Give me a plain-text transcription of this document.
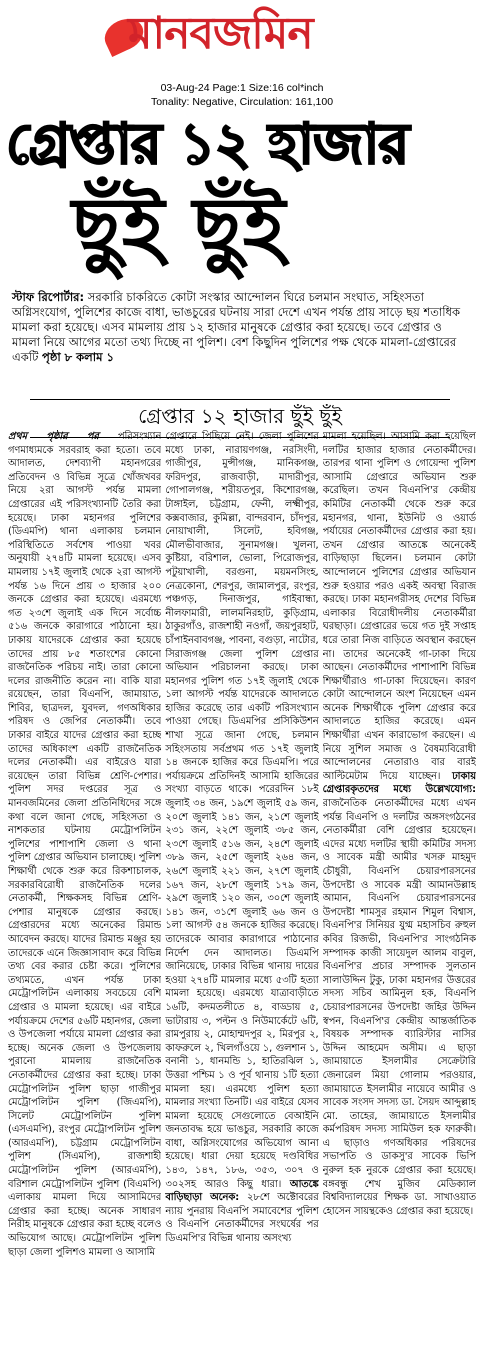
মানবজমিন
03-Aug-24 Page:1 Size:16 col*inch
Tonality: Negative, Circulation: 161,100
গ্রেপ্তার ১২ হাজার
ছুঁই ছুঁই
স্টাফ রিপোর্টার: সরকারি চাকরিতে কোটা সংস্কার আন্দোলন ঘিরে চলমান সংঘাত, সহিংসতা অগ্নিসংযোগ, পুলিশের কাজে বাধা, ভাঙচুরের ঘটনায় সারা দেশে এখন পর্যন্ত প্রায় সাড়ে ছয় শতাধিক মামলা করা হয়েছে। এসব মামলায় প্রায় ১২ হাজার মানুষকে গ্রেপ্তার করা হয়েছে। তবে গ্রেপ্তার ও মামলা নিয়ে আগের মতো তথ্য দিচ্ছে না পুলিশ। বেশ কিছুদিন পুলিশের পক্ষ থেকে মামলা-গ্রেপ্তারের একটি পৃষ্ঠা ৮ কলাম ১
গ্রেপ্তার ১২ হাজার ছুঁই ছুঁই
প্রথম পৃষ্ঠার পর পরিসংখ্যান গণমাধ্যমকে সরবরাহ করা হতো। তবে আদালত, দেশব্যাপী মহানগরের প্রতিবেদন ও বিভিন্ন সূত্রে খোঁজখবর নিয়ে ২রা আগস্ট পর্যন্ত মামলা গ্রেপ্তারের এই পরিসংখ্যানটি তৈরি করা হয়েছে। ঢাকা মহানগর পুলিশের (ডিএমপি) থানা এলাকায় চলমান পরিস্থিতিতে সর্বশেষ পাওয়া খবর অনুযায়ী ২৭৪টি মামলা হয়েছে। এসব মামলায় ১৭ই জুলাই থেকে ২রা আগস্ট পর্যন্ত ১৬ দিনে প্রায় ৩ হাজার ২০০ জনকে গ্রেপ্তার করা হয়েছে। এরমধ্যে গত ২৩শে জুলাই এক দিনে সর্বোচ্চ ৫১৬ জনকে কারাগারে পাঠানো হয়। ঢাকায় যাদেরকে গ্রেপ্তার করা হয়েছে তাদের প্রায় ৮৫ শতাংশের কোনো রাজনৈতিক পরিচয় নাই। তারা কোনো দলের রাজনীতি করেন না। বাকি যারা রয়েছেন, তারা বিএনপি, জামায়াত, শিবির, ছাত্রদল, যুবদল, গণঅধিকার পরিষদ ও জেপির নেতাকর্মী। তবে ঢাকার বাইরে যাদের গ্রেপ্তার করা হচ্ছে তাদের অধিকাংশ একটি রাজনৈতিক দলের নেতাকর্মী। এর বাইরেও যারা রয়েছেন তারা বিভিন্ন শ্রেণি-পেশার। পুলিশ সদর দপ্তরের সূত্র ও মানবজমিনের জেলা প্রতিনিধিদের সঙ্গে কথা বলে জানা গেছে, সহিংসতা ও নাশকতার ঘটনায় মেট্রোপলিটন পুলিশের পাশাপাশি জেলা ও থানা পুলিশ গ্রেপ্তার অভিযান চালাচ্ছে। পুলিশ শিক্ষার্থী থেকে শুরু করে রিকশাচালক, সরকারবিরোধী রাজনৈতিক দলের নেতাকর্মী, শিক্ষকসহ বিভিন্ন শ্রেণি-পেশার মানুষকে গ্রেপ্তার করছে। গ্রেপ্তারদের মধ্যে অনেকের রিমান্ড আবেদন করছে। যাদের রিমান্ড মঞ্জুর হয় তাদেরকে এনে জিজ্ঞাসাবাদ করে বিভিন্ন তথ্য বের করার চেষ্টা করে। পুলিশের তথ্যমতে, এখন পর্যন্ত ঢাকা মেট্রোপলিটন এলাকায় সবচেয়ে বেশি গ্রেপ্তার ও মামলা হয়েছে। এর বাইরে পর্যায়ক্রমে দেশের ৫৬টি মহানগর, জেলা ও উপজেলা পর্যায়ে মামলা গ্রেপ্তার করা হচ্ছে। অনেক জেলা ও উপজেলায় পুরানো মামলায় রাজনৈতিক নেতাকর্মীদের গ্রেপ্তার করা হচ্ছে। ঢাকা মেট্রোপলিটন পুলিশ ছাড়া গাজীপুর মেট্রোপলিটন পুলিশ (জিএমপি), সিলেট মেট্রোপলিটন পুলিশ (এসএমপি), রংপুর মেট্রোপলিটন পুলিশ (আরএমপি), চট্টগ্রাম মেট্রোপলিটন পুলিশ (সিএমপি), রাজশাহী মেট্রোপলিটন পুলিশ (আরএমপি), বরিশাল মেট্রোপলিটন পুলিশ (বিএমপি) এলাকায় মামলা দিয়ে আসামিদের গ্রেপ্তার করা হচ্ছে। অনেক সাধারণ নিরীহ মানুষকে গ্রেপ্তার করা হচ্ছে বলেও অভিযোগ আছে। মেট্রোপলিটন পুলিশ ছাড়া জেলা পুলিশও মামলা ও আসামি
গ্রেপ্তারে পিছিয়ে নেই। জেলা পুলিশের মধ্যে ঢাকা, নারায়ণগঞ্জ, নরসিংদী, গাজীপুর, মুন্সীগঞ্জ, মানিকগঞ্জ, ফরিদপুর, রাজবাড়ী, মাদারীপুর, গোপালগঞ্জ, শরীয়তপুর, কিশোরগঞ্জ, টাঙ্গাইল, চট্টগ্রাম, ফেনী, লক্ষ্মীপুর, কক্সবাজার, কুমিল্লা, বান্দরবান, চাঁদপুর, নোয়াখালী, সিলেট, হবিগঞ্জ, মৌলভীবাজার, সুনামগঞ্জ। খুলনা, কুষ্টিয়া, বরিশাল, ভোলা, পিরোজপুর, পটুয়াখালী, বরগুনা, ময়মনসিংহ, নেত্রকোনা, শেরপুর, জামালপুর, রংপুর, পঞ্চগড়, দিনাজপুর, গাইবান্ধা, নীলফামারী, লালমনিরহাট, কুড়িগ্রাম, ঠাকুরগাঁও, রাজশাহী নওগাঁ, জয়পুরহাট, চাঁপাইনবাবগঞ্জ, পাবনা, বগুড়া, নাটোর, সিরাজগঞ্জ জেলা পুলিশ গ্রেপ্তার অভিযান পরিচালনা করছে। ঢাকা মহানগর পুলিশ গত ১৭ই জুলাই থেকে ১লা আগস্ট পর্যন্ত যাদেরকে আদালতে হাজির করেছে তার একটি পরিসংখ্যান পাওয়া গেছে। ডিএমপির প্রসিকিউশন শাখা সূত্রে জানা গেছে, চলমান সহিংসতায় সর্বপ্রথম গত ১৭ই জুলাই ১৪ জনকে হাজির করে ডিএমপি। পরে পর্যায়ক্রমে প্রতিদিনই আসামি হাজিরের সংখ্যা বাড়তে থাকে। পরেরদিন ১৮ই জুলাই ৩৪ জন, ১৯শে জুলাই ৫৯ জন, ২০শে জুলাই ১৪১ জন, ২১শে জুলাই ২৩১ জন, ২২শে জুলাই ৩৮৫ জন, ২৩শে জুলাই ৫১৬ জন, ২৪শে জুলাই ৩৮৯ জন, ২৫শে জুলাই ২৬৪ জন, ২৬শে জুলাই ২২১ জন, ২৭শে জুলাই ১৬৭ জন, ২৮শে জুলাই ১৭৯ জন, ২৯শে জুলাই ১২০ জন, ৩০শে জুলাই ১৪১ জন, ৩১শে জুলাই ৬৬ জন ও ১লা আগস্ট ৫৪ জনকে হাজির করেছে। তাদেরকে আবার কারাগারে পাঠানোর নির্দেশ দেন আদালত। ডিএমপি জানিয়েছে, ঢাকার বিভিন্ন থানায় দায়ের হওয়া ২৭৪টি মামলার মধ্যে ৫৩টি হত্যা মামলা হয়েছে। এরমধ্যে যাত্রাবাড়ীতে ১৬টি, কদমতলীতে ৪, বাড্ডায় ৫, ভাটারায় ৩, পল্টন ও নিউমার্কেটে ৬টি, রামপুরায় ২, মোহাম্মদপুর ২, মিরপুর ২, কাফরুলে ২, খিলগাঁওয়ে ১, গুলশান ১, বনানী ১, ধানমন্ডি ১, হাতিরঝিল ১, উত্তরা পশ্চিম ১ ও পূর্ব থানায় ১টি হত্যা মামলা হয়। এরমধ্যে পুলিশ হত্যা মামলার সংখ্যা তিনটি। এর বাইরে যেসব মামলা হয়েছে সেগুলোতে বেআইনি জনতাবদ্ধ হয়ে ভাঙচুর, সরকারি কাজে বাধা, অগ্নিসংযোগের অভিযোগ আনা হয়েছে। ধারা দেয়া হয়েছে দণ্ডবিধির ১৪৩, ১৪৭, ১৮৬, ৩৫৩, ৩০৭ ও ৩০২সহ আরও কিছু ধারা। আতঙ্কে বাড়িছাড়া অনেক: ২৮শে অক্টোবরের ন্যায় পুনরায় বিএনপি সমাবেশের পুলিশ ও বিএনপি নেতাকর্মীদের সংঘর্ষের পর ডিএমপি'র বিভিন্ন থানায় অসংখ্য
মামলা হয়েছিল। আসামি করা হয়েছিল দলটির হাজার হাজার নেতাকর্মীদের। তারপর থানা পুলিশ ও গোয়েন্দা পুলিশ আসামি গ্রেপ্তারে অভিযান শুরু করেছিল। তখন বিএনপি'র কেন্দ্রীয় কমিটির নেতাকর্মী থেকে শুরু করে মহানগর, থানা, ইউনিট ও ওয়ার্ড পর্যায়ের নেতাকর্মীদের গ্রেপ্তার করা হয়। তখন গ্রেপ্তার আতঙ্কে অনেকেই বাড়িছাড়া ছিলেন। চলমান কোটা আন্দোলনে পুলিশের গ্রেপ্তার অভিযান শুরু হওয়ার পরও একই অবস্থা বিরাজ করছে। ঢাকা মহানগরীসহ দেশের বিভিন্ন এলাকার বিরোধীদলীয় নেতাকর্মীরা ঘরছাড়া। গ্রেপ্তারের ভয়ে গত দুই সপ্তাহ ধরে তারা নিজ বাড়িতে অবস্থান করছেন না। তাদের অনেকেই গা-ঢাকা দিয়ে আছেন। নেতাকর্মীদের পাশাপাশি বিভিন্ন শিক্ষার্থীরাও গা-ঢাকা দিয়েছেন। কারণ কোটা আন্দোলনে অংশ নিয়েছেন এমন অনেক শিক্ষার্থীকে পুলিশ গ্রেপ্তার করে আদালতে হাজির করেছে। এমন শিক্ষার্থীরা এখন কারাভোগ করছেন। এ নিয়ে সুশিল সমাজ ও বৈষম্যবিরোধী আন্দোলনের নেতারাও বার বারই আল্টিমেটাম দিয়ে যাচ্ছেন। ঢাকায় গ্রেপ্তারকৃতদের মধ্যে উল্লেখযোগ্য: রাজনৈতিক নেতাকর্মীদের মধ্যে এখন পর্যন্ত বিএনপি ও দলটির অঙ্গসংগঠনের নেতাকর্মীরা বেশি গ্রেপ্তার হয়েছেন। এদের মধ্যে দলটির স্থায়ী কমিটির সদস্য ও সাবেক মন্ত্রী আমীর খসরু মাহমুদ চৌধুরী, বিএনপি চেয়ারপারসনের উপদেষ্টা ও সাবেক মন্ত্রী আমানউল্লাহ আমান, বিএনপি চেয়ারপারসনের উপদেষ্টা শামসুর রহমান শিমুল বিশ্বাস, বিএনপি'র সিনিয়র যুগ্ম মহাসচিব রুহুল কবির রিজভী, বিএনপি'র সাংগঠনিক সম্পাদক কাজী সায়েদুল আলম বাবুল, বিএনপি'র প্রচার সম্পাদক সুলতান সালাউদ্দিন টুকু, ঢাকা মহানগর উত্তরের সদস্য সচিব আমিনুল হক, বিএনপি চেয়ারপারসনের উপদেষ্টা জহির উদ্দিন স্বপন, বিএনপি'র কেন্দ্রীয় আন্তর্জাতিক বিষয়ক সম্পাদক ব্যারিস্টার নাসির উদ্দিন আহমেদ অসীম। এ ছাড়া জামায়াতে ইসলামীর সেক্রেটারি জেনারেল মিয়া গোলাম পরওয়ার, জামায়াতে ইসলামীর নায়েবে আমীর ও সাবেক সংসদ সদস্য ডা. সৈয়দ আব্দুল্লাহ মো. তাহের, জামায়াতে ইসলামীর কর্মপরিষদ সদস্য সামিউল হক ফারুকী। এ ছাড়াও গণঅধিকার পরিষদের সভাপতি ও ডাকসু'র সাবেক ভিপি নুরুল হক নুরকে গ্রেপ্তার করা হয়েছে। বঙ্গবন্ধু শেখ মুজিব মেডিক্যাল বিশ্ববিদ্যালয়ের শিক্ষক ডা. সাখাওয়াত হোসেন সায়ন্থকেও গ্রেপ্তার করা হয়েছে।
